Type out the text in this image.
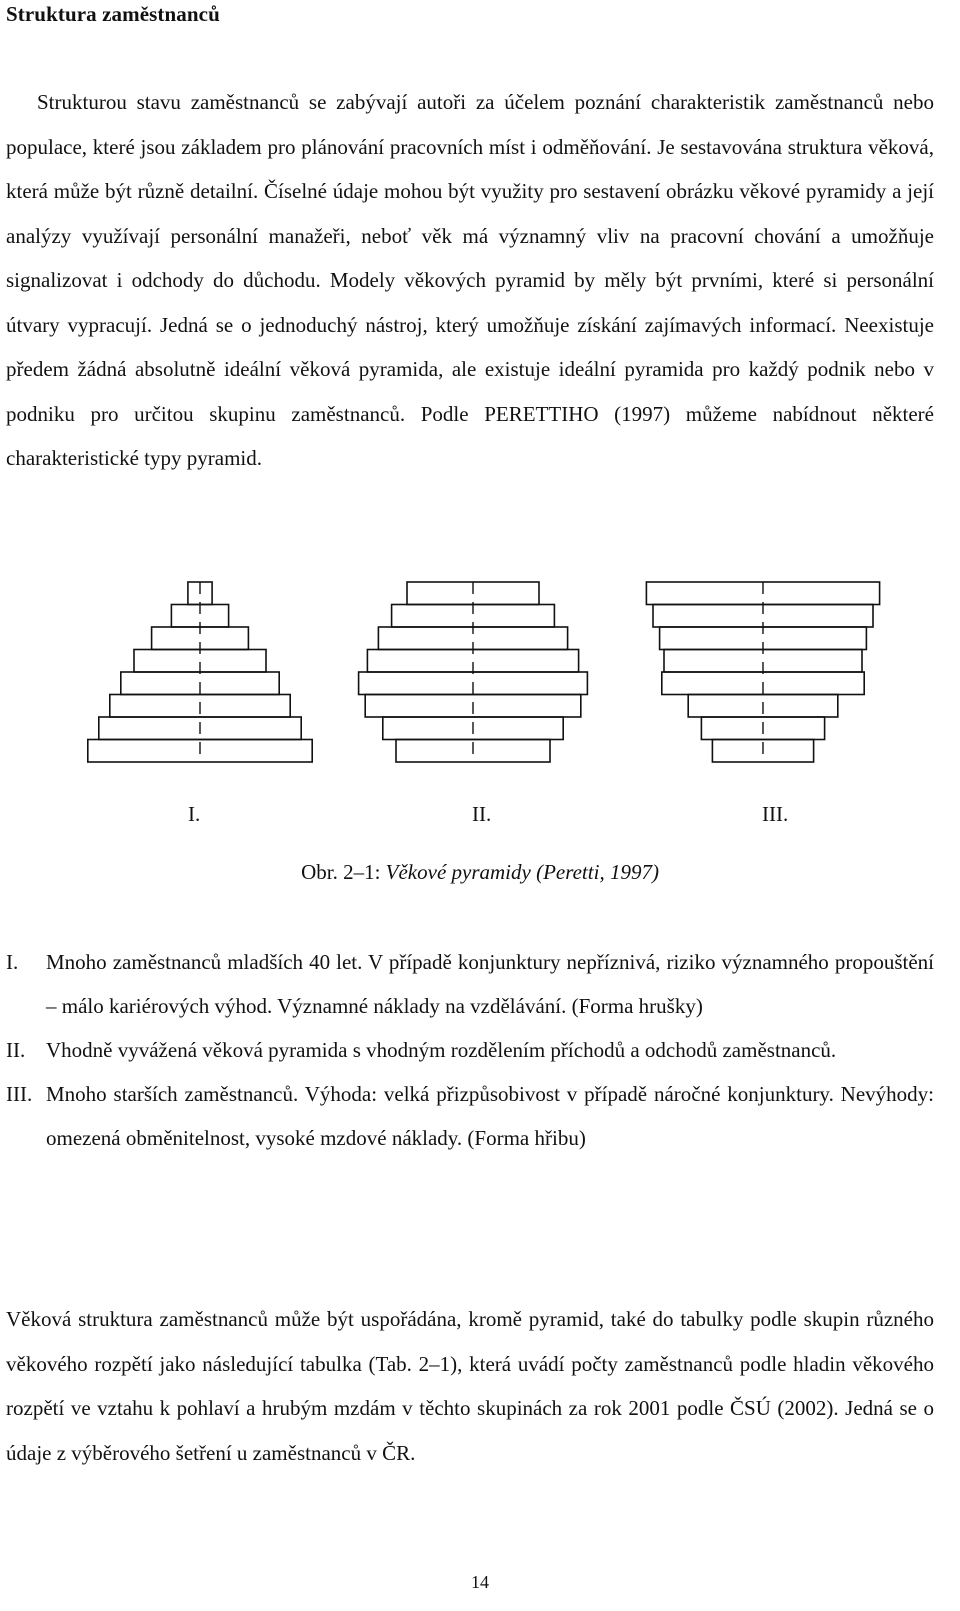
Struktura zaměstnanců
Strukturou stavu zaměstnanců se zabývají autoři za účelem poznání charakteristik zaměstnanců nebo populace, které jsou základem pro plánování pracovních míst i odměňování. Je sestavována struktura věková, která může být různě detailní. Číselné údaje mohou být využity pro sestavení obrázku věkové pyramidy a její analýzy využívají personální manažeři, neboť věk má významný vliv na pracovní chování a umožňuje signalizovat i odchody do důchodu. Modely věkových pyramid by měly být prvními, které si personální útvary vypracují. Jedná se o jednoduchý nástroj, který umožňuje získání zajímavých informací. Neexistuje předem žádná absolutně ideální věková pyramida, ale existuje ideální pyramida pro každý podnik nebo v podniku pro určitou skupinu zaměstnanců. Podle PERETTIHO (1997) můžeme nabídnout některé charakteristické typy pyramid.
I.	II.	III.
Obr. 2–1: Věkové pyramidy (Peretti, 1997)
I.	Mnoho zaměstnanců mladších 40 let. V případě konjunktury nepříznivá, riziko významného propouštění – málo kariérových výhod. Významné náklady na vzdělávání. (Forma hrušky)
II. Vhodně vyvážená věková pyramida s vhodným rozdělením příchodů a odchodů zaměstnanců.
III. Mnoho starších zaměstnanců. Výhoda: velká přizpůsobivost v případě náročné konjunktury. Nevýhody: omezená obměnitelnost, vysoké mzdové náklady. (Forma hřibu)
Věková struktura zaměstnanců může být uspořádána, kromě pyramid, také do tabulky podle skupin různého věkového rozpětí jako následující tabulka (Tab. 2–1), která uvádí počty zaměstnanců podle hladin věkového rozpětí ve vztahu k pohlaví a hrubým mzdám v těchto skupinách za rok 2001 podle ČSÚ (2002). Jedná se o údaje z výběrového šetření u zaměstnanců v ČR.
14
